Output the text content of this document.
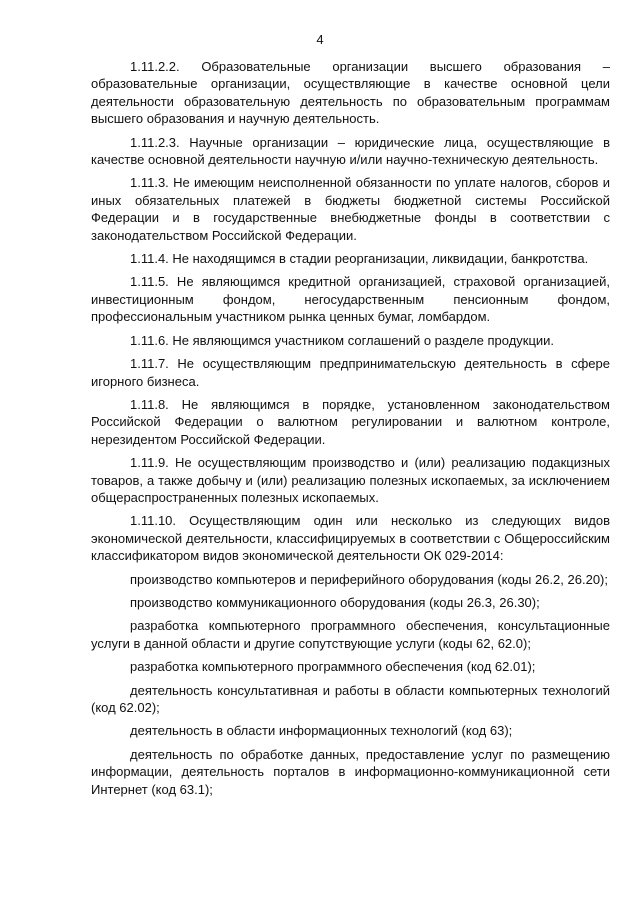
4

1.11.2.2. Образовательные организации высшего образования – образовательные организации, осуществляющие в качестве основной цели деятельности образовательную деятельность по образовательным программам высшего образования и научную деятельность.

1.11.2.3. Научные организации – юридические лица, осуществляющие в качестве основной деятельности научную и/или научно-техническую деятельность.

1.11.3. Не имеющим неисполненной обязанности по уплате налогов, сборов и иных обязательных платежей в бюджеты бюджетной системы Российской Федерации и в государственные внебюджетные фонды в соответствии с законодательством Российской Федерации.

1.11.4. Не находящимся в стадии реорганизации, ликвидации, банкротства.

1.11.5. Не являющимся кредитной организацией, страховой организацией, инвестиционным фондом, негосударственным пенсионным фондом, профессиональным участником рынка ценных бумаг, ломбардом.

1.11.6. Не являющимся участником соглашений о разделе продукции.

1.11.7. Не осуществляющим предпринимательскую деятельность в сфере игорного бизнеса.

1.11.8. Не являющимся в порядке, установленном законодательством Российской Федерации о валютном регулировании и валютном контроле, нерезидентом Российской Федерации.

1.11.9. Не осуществляющим производство и (или) реализацию подакцизных товаров, а также добычу и (или) реализацию полезных ископаемых, за исключением общераспространенных полезных ископаемых.

1.11.10. Осуществляющим один или несколько из следующих видов экономической деятельности, классифицируемых в соответствии с Общероссийским классификатором видов экономической деятельности ОК 029-2014:

производство компьютеров и периферийного оборудования (коды 26.2, 26.20);

производство коммуникационного оборудования (коды 26.3, 26.30);

разработка компьютерного программного обеспечения, консультационные услуги в данной области и другие сопутствующие услуги (коды 62, 62.0);

разработка компьютерного программного обеспечения (код 62.01);

деятельность консультативная и работы в области компьютерных технологий (код 62.02);

деятельность в области информационных технологий (код 63);

деятельность по обработке данных, предоставление услуг по размещению информации, деятельность порталов в информационно-коммуникационной сети Интернет (код 63.1);
